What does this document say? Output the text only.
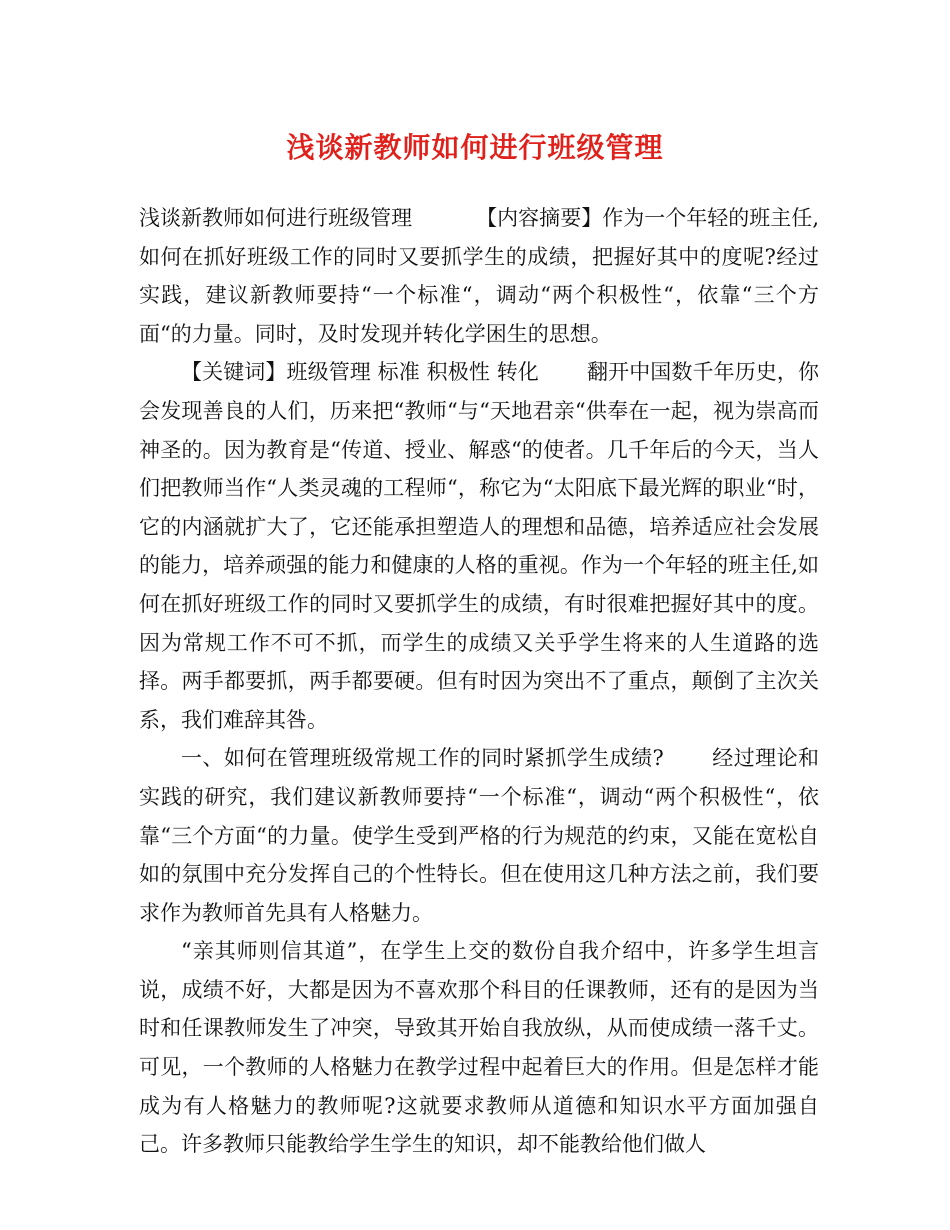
浅谈新教师如何进行班级管理

浅谈新教师如何进行班级管理	【内容摘要】作为一个年轻的班主任,如何在抓好班级工作的同时又要抓学生的成绩，把握好其中的度呢?经过实践，建议新教师要持“一个标准“，调动“两个积极性“，依靠“三个方面“的力量。同时，及时发现并转化学困生的思想。

【关键词】班级管理 标准 积极性 转化 翻开中国数千年历史，你会发现善良的人们，历来把“教师“与“天地君亲“供奉在一起，视为崇高而神圣的。因为教育是“传道、授业、解惑“的使者。几千年后的今天，当人们把教师当作“人类灵魂的工程师“，称它为“太阳底下最光辉的职业“时，它的内涵就扩大了，它还能承担塑造人的理想和品德，培养适应社会发展的能力，培养顽强的能力和健康的人格的重视。作为一个年轻的班主任,如何在抓好班级工作的同时又要抓学生的成绩，有时很难把握好其中的度。因为常规工作不可不抓，而学生的成绩又关乎学生将来的人生道路的选择。两手都要抓，两手都要硬。但有时因为突出不了重点，颠倒了主次关系，我们难辞其咎。

一、如何在管理班级常规工作的同时紧抓学生成绩? 经过理论和实践的研究，我们建议新教师要持“一个标准“，调动“两个积极性“，依靠“三个方面“的力量。使学生受到严格的行为规范的约束，又能在宽松自如的氛围中充分发挥自己的个性特长。但在使用这几种方法之前，我们要求作为教师首先具有人格魅力。

“亲其师则信其道”，在学生上交的数份自我介绍中，许多学生坦言说，成绩不好，大都是因为不喜欢那个科目的任课教师，还有的是因为当时和任课教师发生了冲突，导致其开始自我放纵，从而使成绩一落千丈。可见，一个教师的人格魅力在教学过程中起着巨大的作用。但是怎样才能成为有人格魅力的教师呢?这就要求教师从道德和知识水平方面加强自己。许多教师只能教给学生学生的知识，却不能教给他们做人
